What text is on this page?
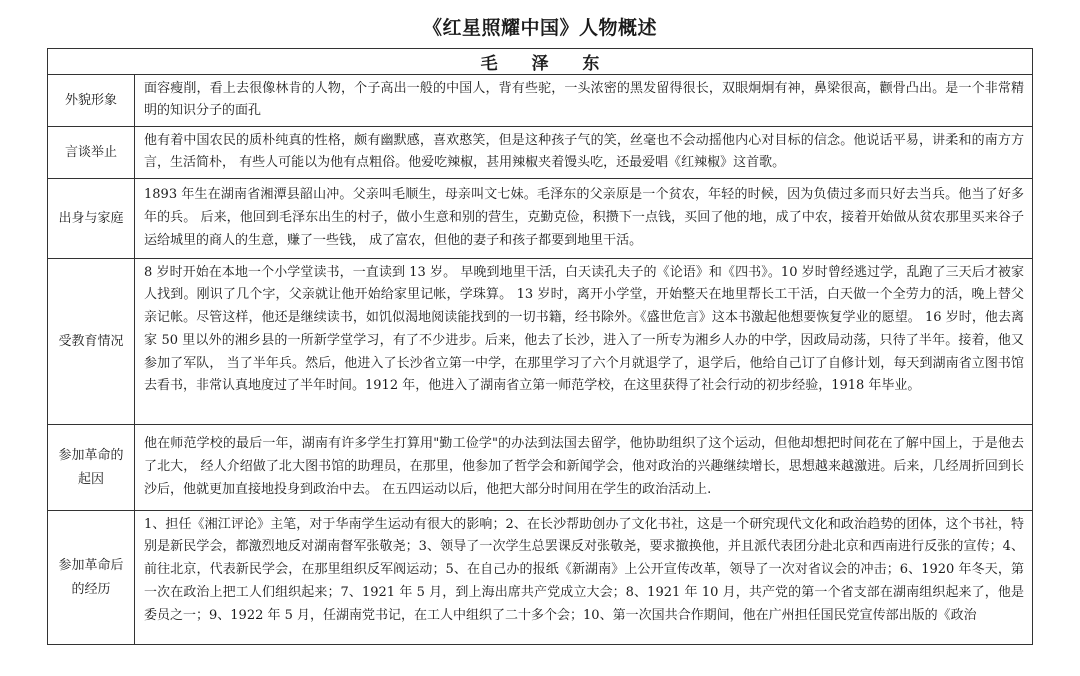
《红星照耀中国》人物概述
毛 泽 东	
外貌形象	面容瘦削，看上去很像林肯的人物，个子高出一般的中国人，背有些驼，一头浓密的黑发留得很长，双眼炯炯有神，鼻梁很高，颧骨凸出。是一个非常精明的知识分子的面孔

言谈举止	他有着中国农民的质朴纯真的性格，颇有幽默感，喜欢憨笑，但是这种孩子气的笑，丝毫也不会动摇他内心对目标的信念。他说话平易，讲柔和的南方方言，生活简朴， 有些人可能以为他有点粗俗。他爱吃辣椒，甚用辣椒夹着馒头吃，还最爱唱《红辣椒》这首歌。

出身与家庭	1893 年生在湖南省湘潭县韶山冲。父亲叫毛顺生，母亲叫文七妹。毛泽东的父亲原是一个贫农，年轻的时候，因为负债过多而只好去当兵。他当了好多年的兵。 后来，他回到毛泽东出生的村子，做小生意和别的营生，克勤克俭，积攒下一点钱，买回了他的地，成了中农，接着开始做从贫农那里买来谷子运给城里的商人的生意，赚了一些钱， 成了富农，但他的妻子和孩子都要到地里干活。

受教育情况	8 岁时开始在本地一个小学堂读书，一直读到 13 岁。 早晚到地里干活，白天读孔夫子的《论语》和《四书》。10 岁时曾经逃过学，乱跑了三天后才被家人找到。刚识了几个字，父亲就让他开始给家里记帐，学珠算。 13 岁时，离开小学堂，开始整天在地里帮长工干活，白天做一个全劳力的活，晚上替父亲记帐。尽管这样，他还是继续读书，如饥似渴地阅读能找到的一切书籍，经书除外。《盛世危言》这本书激起他想要恢复学业的愿望。 16 岁时，他去离家 50 里以外的湘乡县的一所新学堂学习，有了不少进步。后来，他去了长沙，进入了一所专为湘乡人办的中学，因政局动荡，只待了半年。接着，他又参加了军队， 当了半年兵。然后，他进入了长沙省立第一中学，在那里学习了六个月就退学了，退学后，他给自己订了自修计划，每天到湖南省立图书馆去看书，非常认真地度过了半年时间。1912 年，他进入了湖南省立第一师范学校，在这里获得了社会行动的初步经验，1918 年毕业。

参加革命的起因	他在师范学校的最后一年，湖南有许多学生打算用"勤工俭学"的办法到法国去留学，他协助组织了这个运动，但他却想把时间花在了解中国上，于是他去了北大， 经人介绍做了北大图书馆的助理员，在那里，他参加了哲学会和新闻学会，他对政治的兴趣继续增长，思想越来越激进。后来，几经周折回到长沙后，他就更加直接地投身到政治中去。 在五四运动以后，他把大部分时间用在学生的政治活动上.

参加革命后的经历	1、担任《湘江评论》主笔，对于华南学生运动有很大的影响；2、在长沙帮助创办了文化书社，这是一个研究现代文化和政治趋势的团体，这个书社，特别是新民学会，都激烈地反对湖南督军张敬尧；3、领导了一次学生总罢课反对张敬尧，要求撤换他，并且派代表团分赴北京和西南进行反张的宣传；4、前往北京，代表新民学会，在那里组织反军阀运动；5、在自己办的报纸《新湖南》上公开宣传改革，领导了一次对省议会的冲击；6、1920 年冬天，第一次在政治上把工人们组织起来；7、1921 年 5 月，到上海出席共产党成立大会；8、1921 年 10 月，共产党的第一个省支部在湖南组织起来了，他是委员之一；9、1922 年 5 月，任湖南党书记，在工人中组织了二十多个会；10、第一次国共合作期间，他在广州担任国民党宣传部出版的《政治
